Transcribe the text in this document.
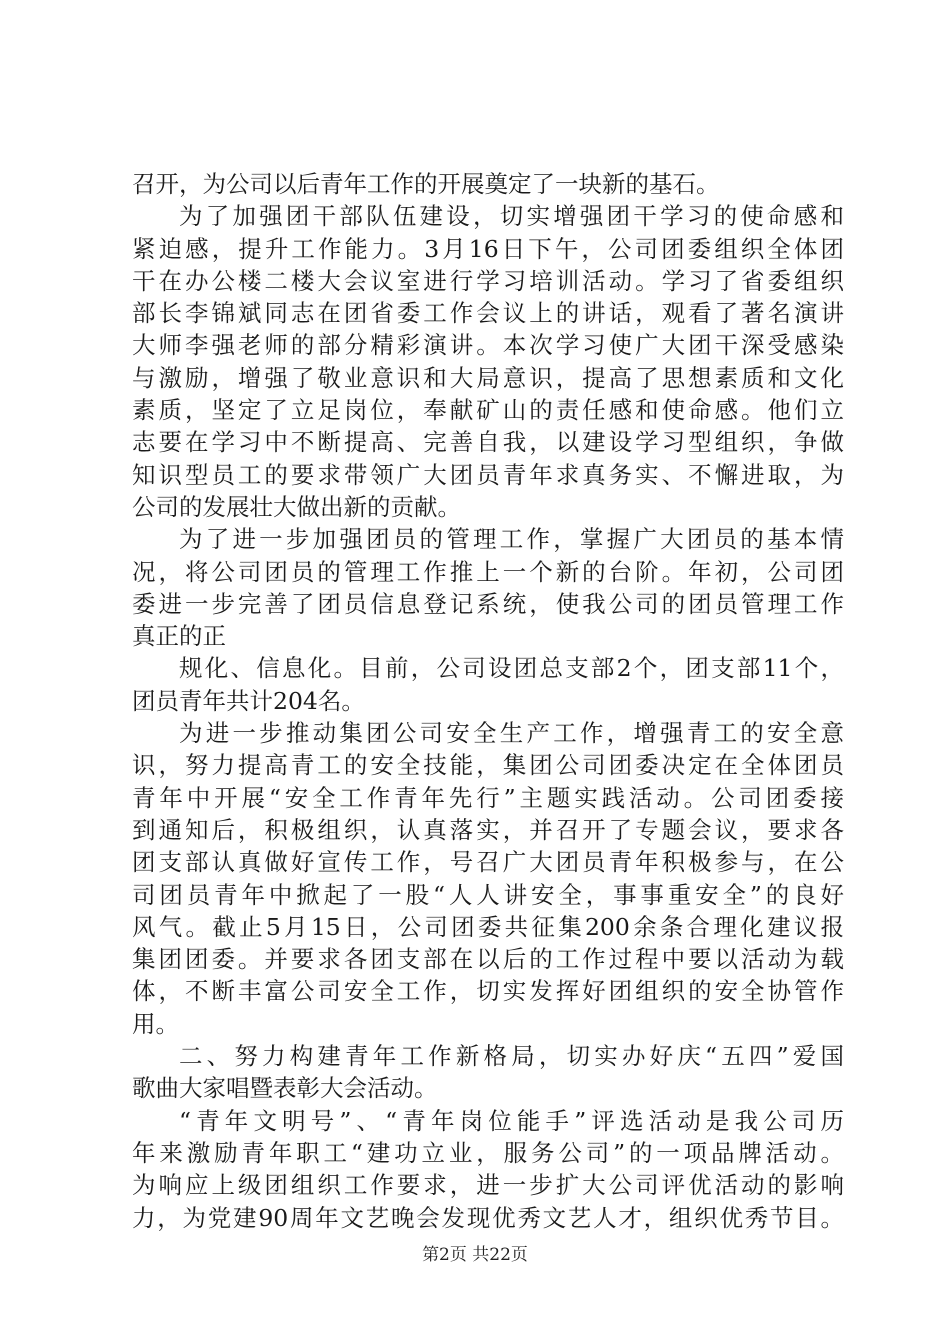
召开，为公司以后青年工作的开展奠定了一块新的基石。
为了加强团干部队伍建设，切实增强团干学习的使命感和
紧迫感，提升工作能力。3月16日下午，公司团委组织全体团
干在办公楼二楼大会议室进行学习培训活动。学习了省委组织
部长李锦斌同志在团省委工作会议上的讲话，观看了著名演讲
大师李强老师的部分精彩演讲。本次学习使广大团干深受感染
与激励，增强了敬业意识和大局意识，提高了思想素质和文化
素质，坚定了立足岗位，奉献矿山的责任感和使命感。他们立
志要在学习中不断提高、完善自我，以建设学习型组织，争做
知识型员工的要求带领广大团员青年求真务实、不懈进取，为
公司的发展壮大做出新的贡献。
为了进一步加强团员的管理工作，掌握广大团员的基本情
况，将公司团员的管理工作推上一个新的台阶。年初，公司团
委进一步完善了团员信息登记系统，使我公司的团员管理工作
真正的正
规化、信息化。目前，公司设团总支部2个，团支部11个，
团员青年共计204名。
为进一步推动集团公司安全生产工作，增强青工的安全意
识，努力提高青工的安全技能，集团公司团委决定在全体团员
青年中开展“安全工作青年先行”主题实践活动。公司团委接
到通知后，积极组织，认真落实，并召开了专题会议，要求各
团支部认真做好宣传工作，号召广大团员青年积极参与，在公
司团员青年中掀起了一股“人人讲安全，事事重安全”的良好
风气。截止5月15日，公司团委共征集200余条合理化建议报
集团团委。并要求各团支部在以后的工作过程中要以活动为载
体，不断丰富公司安全工作，切实发挥好团组织的安全协管作
用。
二、努力构建青年工作新格局，切实办好庆“五四”爱国
歌曲大家唱暨表彰大会活动。
“青年文明号”、“青年岗位能手”评选活动是我公司历
年来激励青年职工“建功立业，服务公司”的一项品牌活动。
为响应上级团组织工作要求，进一步扩大公司评优活动的影响
力，为党建90周年文艺晚会发现优秀文艺人才，组织优秀节目。
第2页 共22页
